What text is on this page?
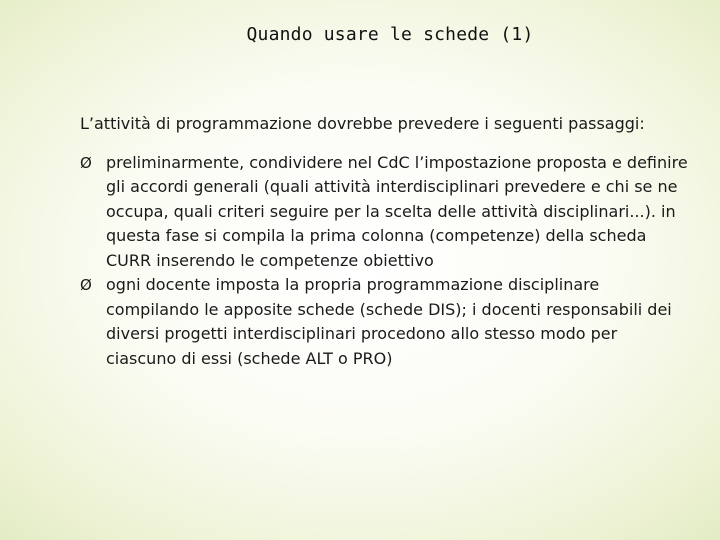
Quando usare le schede (1)

L’attività di programmazione dovrebbe prevedere i seguenti passaggi:

Ø preliminarmente, condividere nel CdC l’impostazione proposta e definire gli accordi generali (quali attività interdisciplinari prevedere e chi se ne occupa, quali criteri seguire per la scelta delle attività disciplinari...). in questa fase si compila la prima colonna (competenze) della scheda CURR inserendo le competenze obiettivo
Ø ogni docente imposta la propria programmazione disciplinare compilando le apposite schede (schede DIS); i docenti responsabili dei diversi progetti interdisciplinari procedono allo stesso modo per ciascuno di essi (schede ALT o PRO)
